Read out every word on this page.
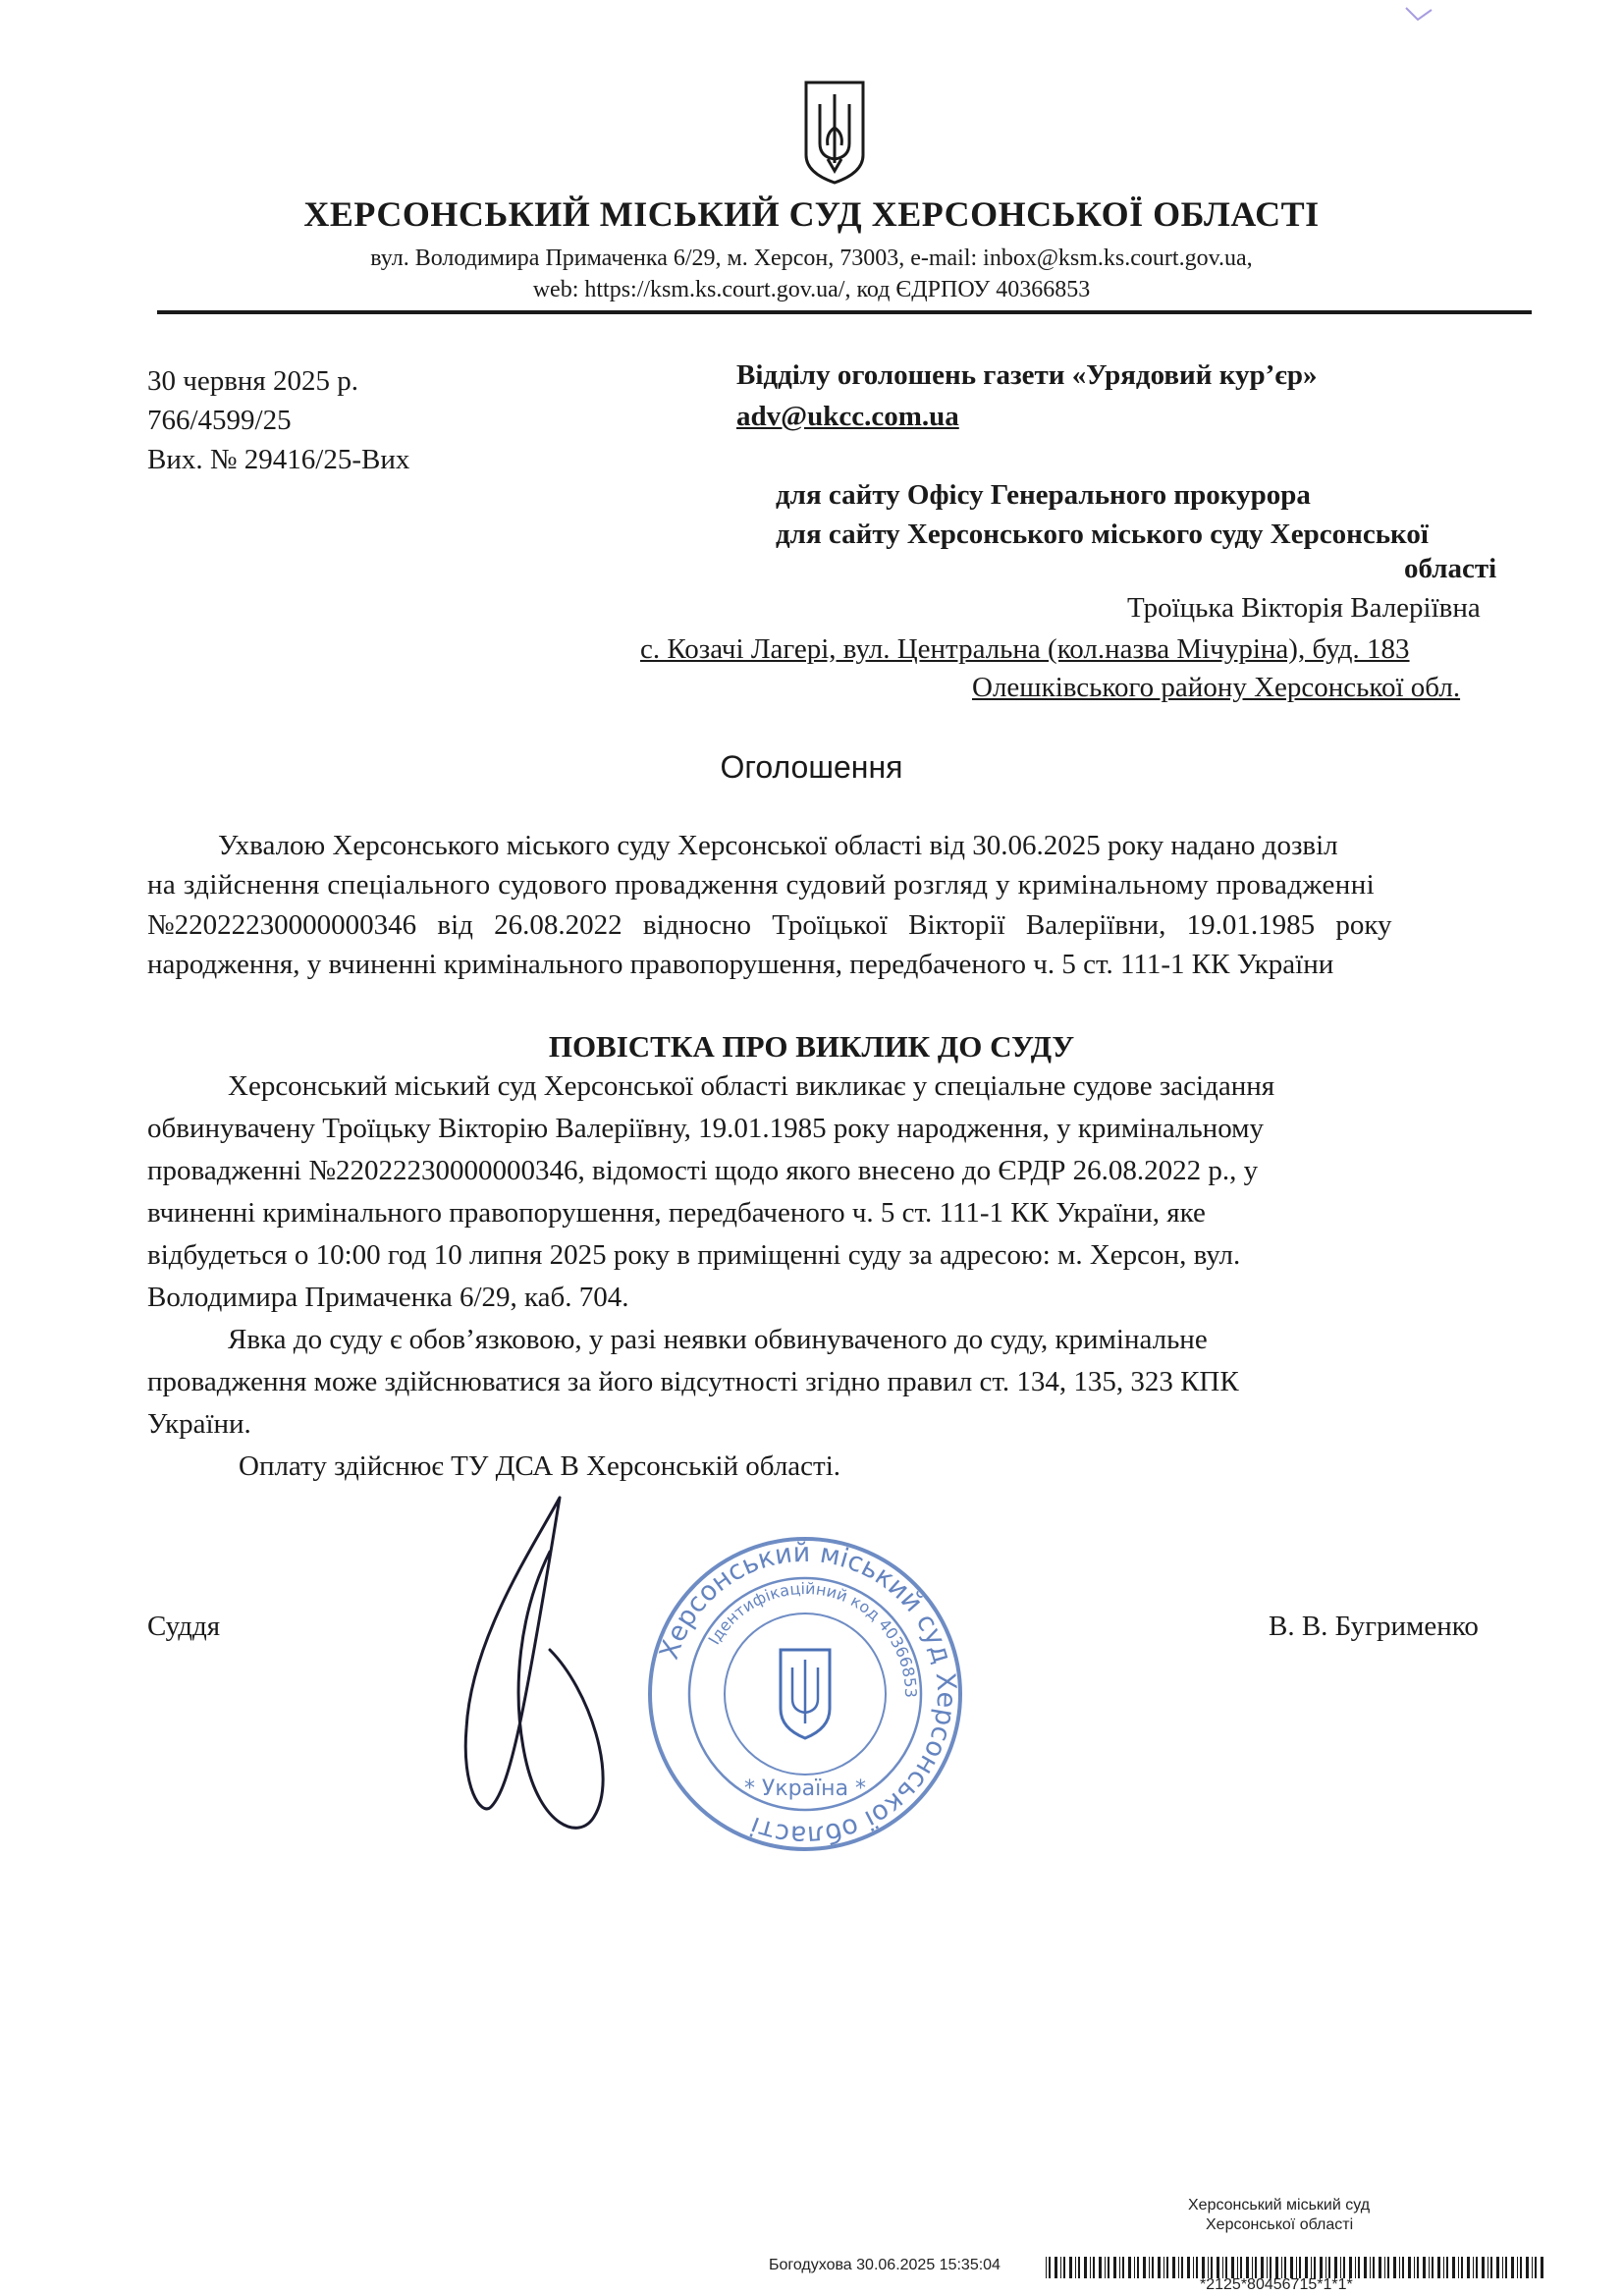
ХЕРСОНСЬКИЙ МІСЬКИЙ СУД ХЕРСОНСЬКОЇ ОБЛАСТІ
вул. Володимира Примаченка 6/29, м. Херсон, 73003, e-mail: inbox@ksm.ks.court.gov.ua,
web: https://ksm.ks.court.gov.ua/, код ЄДРПОУ 40366853
30 червня 2025 р.
766/4599/25
Вих. № 29416/25-Вих
Відділу оголошень газети «Урядовий кур’єр»
adv@ukcc.com.ua
для сайту Офісу Генерального прокурора
для сайту Херсонського міського суду Херсонської
області
Троїцька Вікторія Валеріївна
с. Козачі Лагері, вул. Центральна (кол.назва Мічуріна), буд. 183
Олешківського району Херсонської обл.
Оголошення
Ухвалою Херсонського міського суду Херсонської області від 30.06.2025 року надано дозвіл
на здійснення спеціального судового провадження судовий розгляд у кримінальному провадженні
№22022230000000346 від 26.08.2022 відносно Троїцької Вікторії Валеріївни, 19.01.1985 року
народження, у вчиненні кримінального правопорушення, передбаченого ч. 5 ст. 111-1 КК України
ПОВІСТКА ПРО ВИКЛИК ДО СУДУ
Херсонський міський суд Херсонської області викликає у спеціальне судове засідання
обвинувачену Троїцьку Вікторію Валеріївну, 19.01.1985 року народження, у кримінальному
провадженні №22022230000000346, відомості щодо якого внесено до ЄРДР 26.08.2022 р., у
вчиненні кримінального правопорушення, передбаченого ч. 5 ст. 111-1 КК України, яке
відбудеться о 10:00 год 10 липня 2025 року в приміщенні суду за адресою: м. Херсон, вул.
Володимира Примаченка 6/29, каб. 704.
Явка до суду є обов’язковою, у разі неявки обвинуваченого до суду, кримінальне
провадження може здійснюватися за його відсутності згідно правил ст. 134, 135, 323 КПК
України.
Оплату здійснює ТУ ДСА В Херсонській області.
Суддя	В. В. Бугрименко
Херсонський міський суд Херсонської області
Ідентифікаційний код 40366853
* Україна *
Херсонський міський суд
Херсонської області
Богодухова 30.06.2025 15:35:04
*2125*80456715*1*1*
